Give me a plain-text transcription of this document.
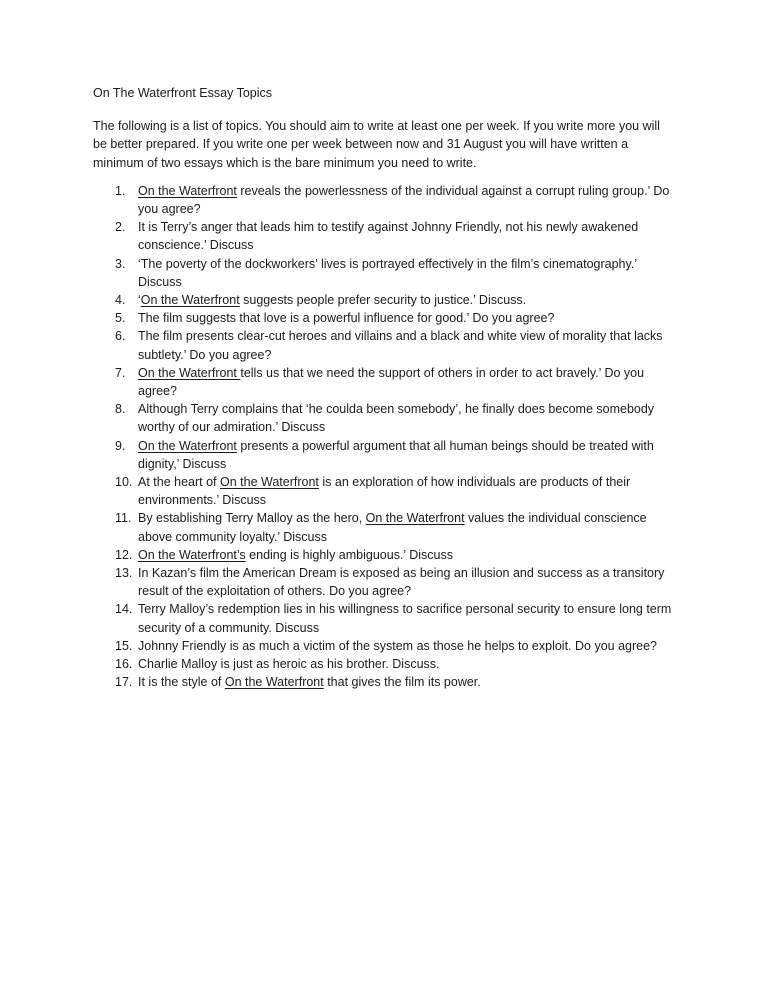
On The Waterfront Essay Topics

The following is a list of topics. You should aim to write at least one per week. If you write more you will be better prepared. If you write one per week between now and 31 August you will have written a minimum of two essays which is the bare minimum you need to write.

1.	On the Waterfront reveals the powerlessness of the individual against a corrupt ruling group.’ Do you agree?
2.	It is Terry’s anger that leads him to testify against Johnny Friendly, not his newly awakened conscience.’ Discuss
3.	‘The poverty of the dockworkers’ lives is portrayed effectively in the film’s cinematography.’ Discuss
4.	‘On the Waterfront suggests people prefer security to justice.’ Discuss.
5.	The film suggests that love is a powerful influence for good.’ Do you agree?
6.	The film presents clear-cut heroes and villains and a black and white view of morality that lacks subtlety.’ Do you agree?
7.	On the Waterfront tells us that we need the support of others in order to act bravely.’ Do you agree?
8.	Although Terry complains that ‘he coulda been somebody’, he finally does become somebody worthy of our admiration.’ Discuss
9.	On the Waterfront presents a powerful argument that all human beings should be treated with dignity,’ Discuss
10. At the heart of On the Waterfront is an exploration of how individuals are products of their environments.’ Discuss
11. By establishing Terry Malloy as the hero, On the Waterfront values the individual conscience above community loyalty.’ Discuss
12. On the Waterfront’s ending is highly ambiguous.’ Discuss
13. In Kazan’s film the American Dream is exposed as being an illusion and success as a transitory result of the exploitation of others. Do you agree?
14. Terry Malloy’s redemption lies in his willingness to sacrifice personal security to ensure long term security of a community. Discuss
15. Johnny Friendly is as much a victim of the system as those he helps to exploit. Do you agree?
16. Charlie Malloy is just as heroic as his brother. Discuss.
17. It is the style of On the Waterfront that gives the film its power.
